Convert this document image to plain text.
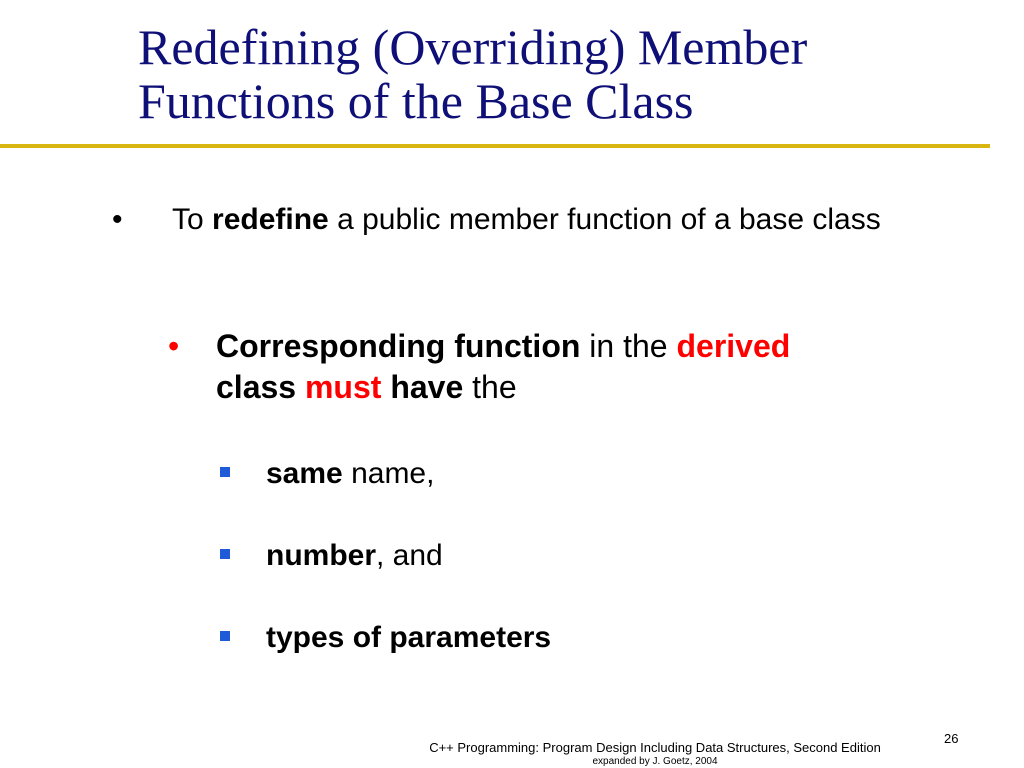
Redefining (Overriding) Member
Functions of the Base Class
•	To redefine a public member function of a base class
•	Corresponding function in the derived
class must have the
same name,
number, and
types of parameters
26
C++ Programming: Program Design Including Data Structures, Second Edition
expanded by J. Goetz, 2004
